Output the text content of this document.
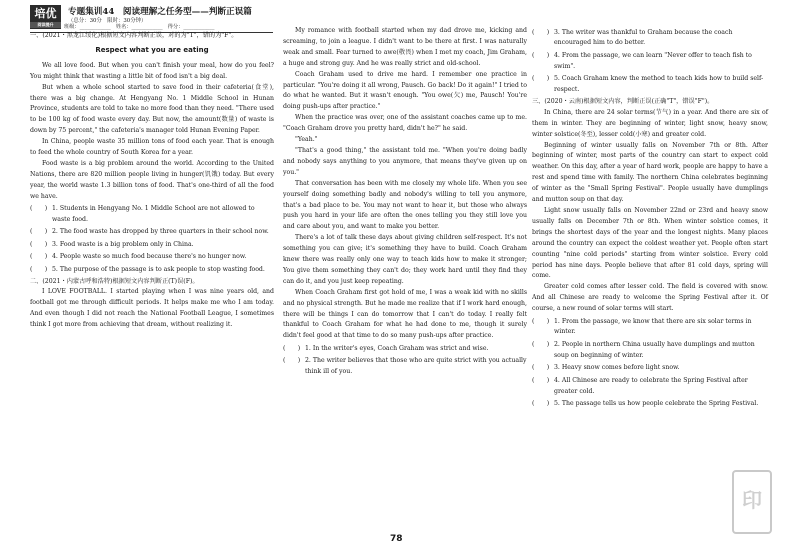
培优
阅读提升
专题集训44　阅读理解之任务型——判断正误篇
（总分：30分　限时：30分钟）
班级：____________　姓名：____________　得分：____________

一、(2021・黑龙江绥化)根据短文内容判断正误，对的为"T"，错的为"F"。

Respect what you are eating

We all love food. But when you can't finish your meal, how do you feel? You might think that wasting a little bit of food isn't a big deal.

But when a whole school started to save food in their cafeteria(食堂), there was a big change. At Hengyang No. 1 Middle School in Hunan Province, students are told to take no more food than they need. "There used to be 100 kg of food waste every day. But now, the amount(数量) of waste is down by 75 percent," the cafeteria's manager told Hunan Evening Paper.

In China, people waste 35 million tons of food each year. That is enough to feed the whole country of South Korea for a year.

Food waste is a big problem around the world. According to the United Nations, there are 820 million people living in hunger(饥饿) today. But every year, the world waste 1.3 billion tons of food. That's one-third of all the food we have.

(　　) 1. Students in Hengyang No. 1 Middle School are not allowed to waste food.
(　　) 2. The food waste has dropped by three quarters in their school now.
(　　) 3. Food waste is a big problem only in China.
(　　) 4. People waste so much food because there's no hunger now.
(　　) 5. The purpose of the passage is to ask people to stop wasting food.

二、(2021・内蒙古呼和浩特)根据短文内容判断正(T)误(F)。

I LOVE FOOTBALL. I started playing when I was nine years old, and football got me through difficult periods. It helps make me who I am today. And even though I did not reach the National Football League, I sometimes think I got more from achieving that dream, without realizing it.

My romance with football started when my dad drove me, kicking and screaming, to join a league. I didn't want to be there at first. I was naturally weak and small. Fear turned to awe(敬畏) when I met my coach, Jim Graham, a huge and strong guy. And he was really strict and old-school.

Coach Graham used to drive me hard. I remember one practice in particular. "You're doing it all wrong, Pausch. Go back! Do it again!" I tried to do what he wanted. But it wasn't enough. "You owe(欠) me, Pausch! You're doing push-ups after practice."

When the practice was over, one of the assistant coaches came up to me. "Coach Graham drove you pretty hard, didn't he?" he said.

"Yeah."

"That's a good thing," the assistant told me. "When you're doing badly and nobody says anything to you anymore, that means they've given up on you."

That conversation has been with me closely my whole life. When you see yourself doing something badly and nobody's willing to tell you anymore, that's a bad place to be. You may not want to hear it, but those who always push you hard in your life are often the ones telling you they still love you and care about you, and want to make you better.

There's a lot of talk these days about giving children self-respect. It's not something you can give; it's something they have to build. Coach Graham knew there was really only one way to teach kids how to make it stronger; You give them something they can't do; they work hard until they find they can do it, and you just keep repeating.

When Coach Graham first got hold of me, I was a weak kid with no skills and no physical strength. But he made me realize that if I work hard enough, there will be things I can do tomorrow that I can't do today. I really felt thankful to Coach Graham for what he had done to me, though it surely didn't feel good at that time to do so many push-ups after practice.

(　　) 1. In the writer's eyes, Coach Graham was strict and wise.
(　　) 2. The writer believes that those who are quite strict with you actually think ill of you.
(　　) 3. The writer was thankful to Graham because the coach encouraged him to do better.
(　　) 4. From the passage, we can learn "Never offer to teach fish to swim".
(　　) 5. Coach Graham knew the method to teach kids how to build self-respect.

三、(2020・云南)根据短文内容，判断正误(正确"T"，错误"F")。

In China, there are 24 solar terms(节气) in a year. And there are six of them in winter. They are beginning of winter, light snow, heavy snow, winter solstice(冬至), lesser cold(小寒) and greater cold.

Beginning of winter usually falls on November 7th or 8th. After beginning of winter, most parts of the country can start to expect cold weather. On this day, after a year of hard work, people are happy to have a rest and spend time with family. The northern China celebrates beginning of winter as the "Small Spring Festival". People usually have dumplings and mutton soup on that day.

Light snow usually falls on November 22nd or 23rd and heavy snow usually falls on December 7th or 8th. When winter solstice comes, it brings the shortest days of the year and the longest nights. Many places around the country can expect the coldest weather yet. People often start counting "nine cold periods" starting from winter solstice. Every cold period has nine days. People believe that after 81 cold days, spring will come.

Greater cold comes after lesser cold. The field is covered with snow. And all Chinese are ready to welcome the Spring Festival after it. Of course, a new round of solar terms will start.

(　　) 1. From the passage, we know that there are six solar terms in winter.
(　　) 2. People in northern China usually have dumplings and mutton soup on beginning of winter.
(　　) 3. Heavy snow comes before light snow.
(　　) 4. All Chinese are ready to celebrate the Spring Festival after greater cold.
(　　) 5. The passage tells us how people celebrate the Spring Festival.
印
78
